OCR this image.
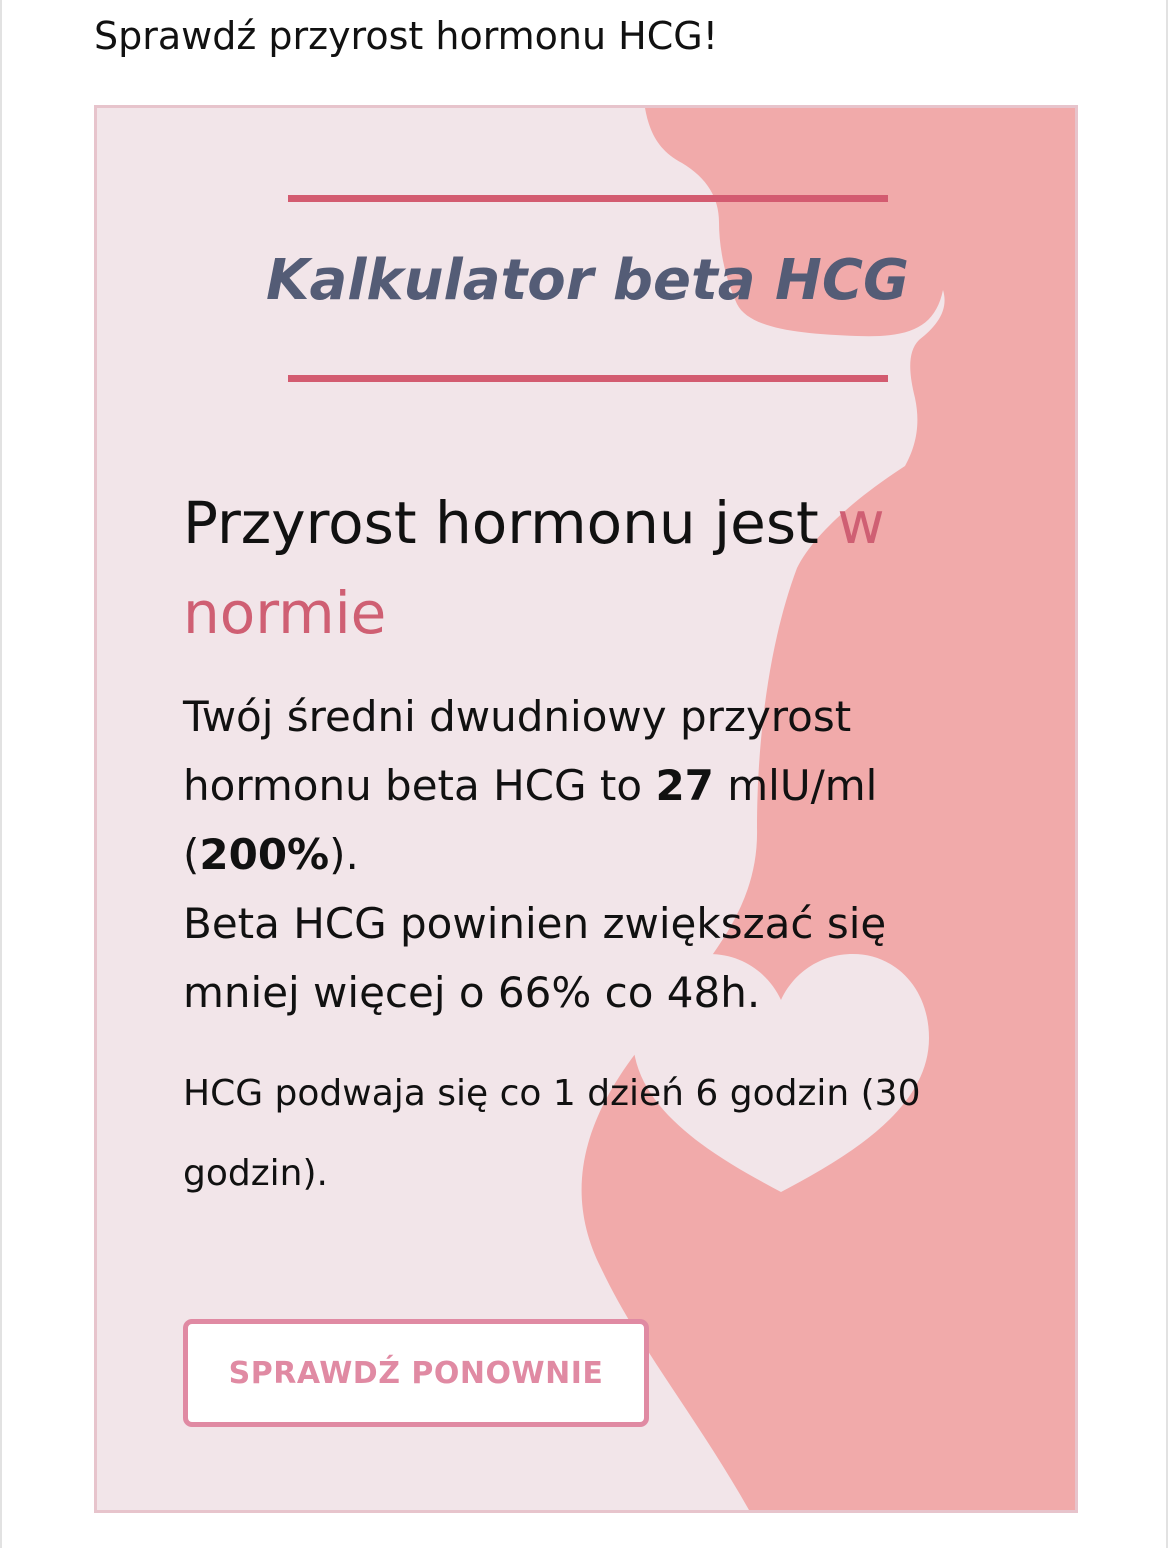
Sprawdź przyrost hormonu HCG!
Kalkulator beta HCG
Przyrost hormonu jest w normie

Twój średni dwudniowy przyrost hormonu beta HCG to 27 mlU/ml (200%).
Beta HCG powinien zwiększać się mniej więcej o 66% co 48h.

HCG podwaja się co 1 dzień 6 godzin (30 godzin).

SPRAWDŹ PONOWNIE
